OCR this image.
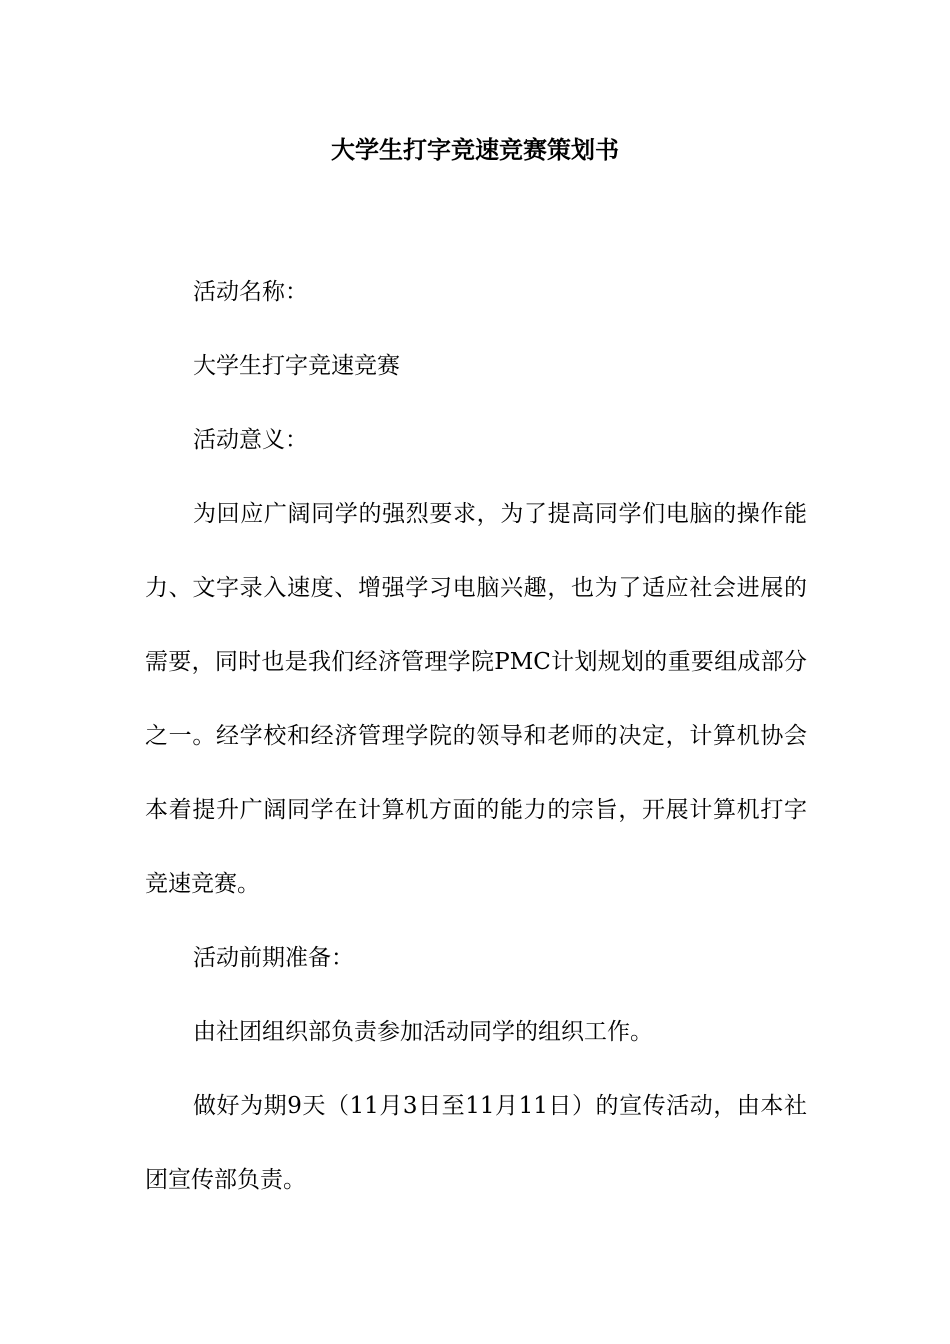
大学生打字竞速竞赛策划书

活动名称：

大学生打字竞速竞赛

活动意义：

为回应广阔同学的强烈要求，为了提高同学们电脑的操作能力、文字录入速度、增强学习电脑兴趣，也为了适应社会进展的需要，同时也是我们经济管理学院PMC计划规划的重要组成部分之一。经学校和经济管理学院的领导和老师的决定，计算机协会本着提升广阔同学在计算机方面的能力的宗旨，开展计算机打字竞速竞赛。

活动前期准备：

由社团组织部负责参加活动同学的组织工作。

做好为期9天（11月3日至11月11日）的宣传活动，由本社团宣传部负责。
